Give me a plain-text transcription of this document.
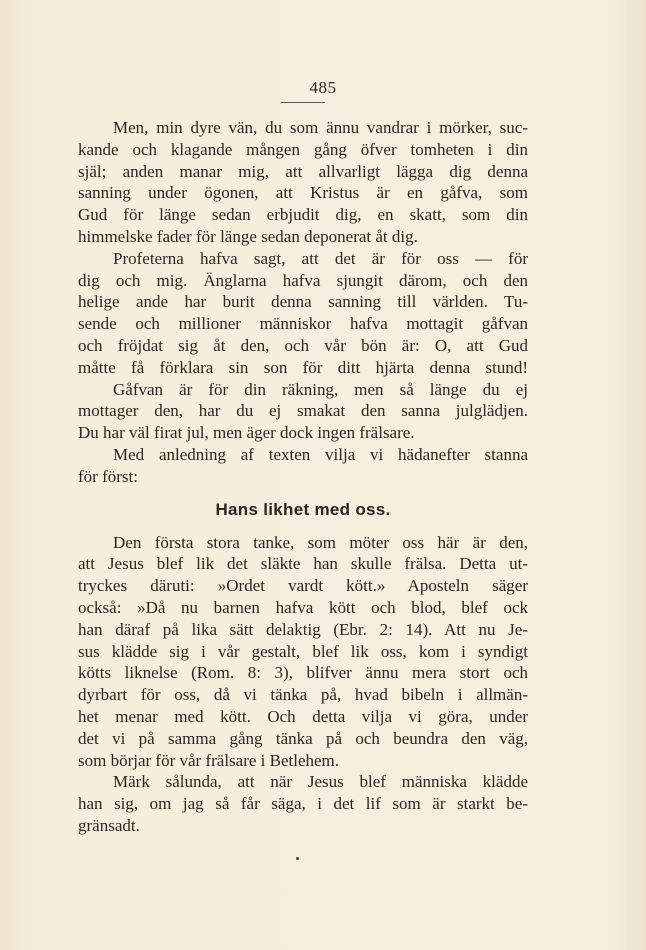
485
Men, min dyre vän, du som ännu vandrar i mörker, suc-
kande och klagande mången gång öfver tomheten i din
själ; anden manar mig, att allvarligt lägga dig denna
sanning under ögonen, att Kristus är en gåfva, som
Gud för länge sedan erbjudit dig, en skatt, som din
himmelske fader för länge sedan deponerat åt dig.
Profeterna hafva sagt, att det är för oss — för
dig och mig. Änglarna hafva sjungit därom, och den
helige ande har burit denna sanning till världen. Tu-
sende och millioner människor hafva mottagit gåfvan
och fröjdat sig åt den, och vår bön är: O, att Gud
måtte få förklara sin son för ditt hjärta denna stund!
Gåfvan är för din räkning, men så länge du ej
mottager den, har du ej smakat den sanna julglädjen.
Du har väl firat jul, men äger dock ingen frälsare.
Med anledning af texten vilja vi hädanefter stanna
för först:
Hans likhet med oss.
Den första stora tanke, som möter oss här är den,
att Jesus blef lik det släkte han skulle frälsa. Detta ut-
tryckes däruti: »Ordet vardt kött.» Aposteln säger
också: »Då nu barnen hafva kött och blod, blef ock
han däraf på lika sätt delaktig (Ebr. 2: 14). Att nu Je-
sus klädde sig i vår gestalt, blef lik oss, kom i syndigt
kötts liknelse (Rom. 8: 3), blifver ännu mera stort och
dyrbart för oss, då vi tänka på, hvad bibeln i allmän-
het menar med kött. Och detta vilja vi göra, under
det vi på samma gång tänka på och beundra den väg,
som börjar för vår frälsare i Betlehem.
Märk sålunda, att när Jesus blef människa klädde
han sig, om jag så får säga, i det lif som är starkt be-
gränsadt.
